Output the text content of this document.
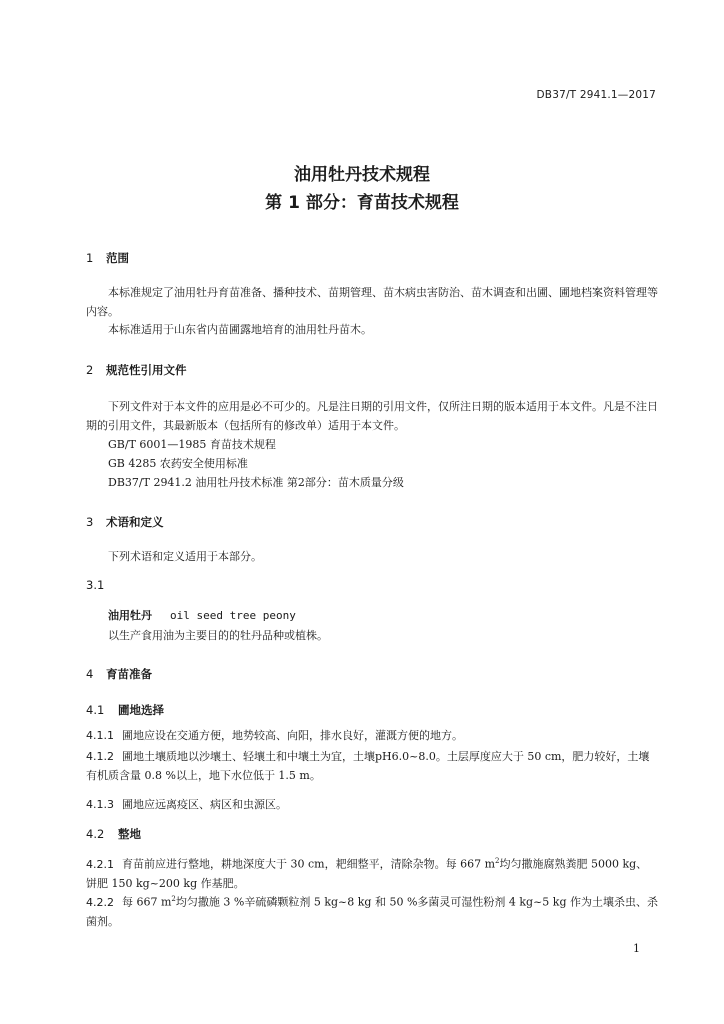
DB37/T 2941.1—2017
油用牡丹技术规程
第 1 部分：育苗技术规程
1 范围
本标准规定了油用牡丹育苗准备、播种技术、苗期管理、苗木病虫害防治、苗木调查和出圃、圃地档案资料管理等内容。
本标准适用于山东省内苗圃露地培育的油用牡丹苗木。
2 规范性引用文件
下列文件对于本文件的应用是必不可少的。凡是注日期的引用文件，仅所注日期的版本适用于本文件。凡是不注日期的引用文件，其最新版本（包括所有的修改单）适用于本文件。
GB/T 6001—1985 育苗技术规程
GB 4285 农药安全使用标准
DB37/T 2941.2 油用牡丹技术标准 第2部分：苗木质量分级
3 术语和定义
下列术语和定义适用于本部分。
3.1
油用牡丹 oil seed tree peony
以生产食用油为主要目的的牡丹品种或植株。
4 育苗准备
4.1 圃地选择
4.1.1 圃地应设在交通方便，地势较高、向阳，排水良好，灌溉方便的地方。
4.1.2 圃地土壤质地以沙壤土、轻壤土和中壤土为宜，土壤pH6.0~8.0。土层厚度应大于 50 cm，肥力较好，土壤有机质含量 0.8 %以上，地下水位低于 1.5 m。
4.1.3 圃地应远离疫区、病区和虫源区。
4.2 整地
4.2.1 育苗前应进行整地，耕地深度大于 30 cm，耙细整平，清除杂物。每 667 $m^2$均匀撒施腐熟粪肥 5000 kg、饼肥 150 kg~200 kg 作基肥。
4.2.2 每 667 $m^2$均匀撒施 3 %辛硫磷颗粒剂 5 kg~8 kg 和 50 %多菌灵可湿性粉剂 4 kg~5 kg 作为土壤杀虫、杀菌剂。
1
